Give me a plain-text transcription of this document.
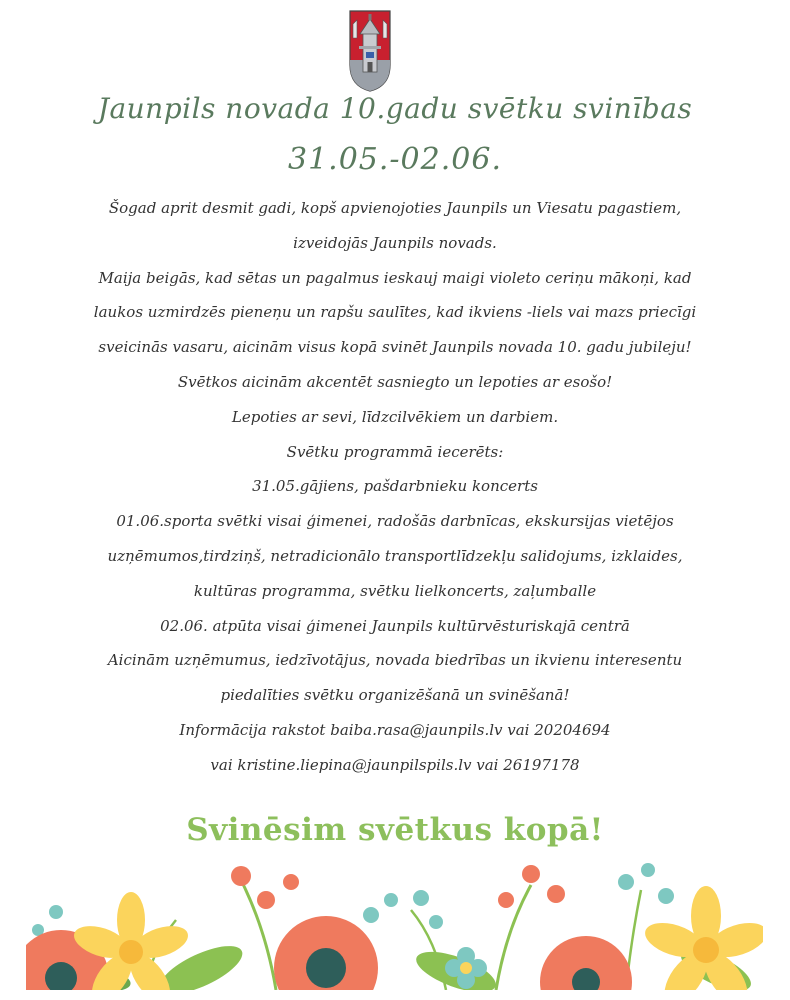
Jaunpils novada 10.gadu svētku svinības
31.05.-02.06.
Šogad aprit desmit gadi, kopš apvienojoties Jaunpils un Viesatu pagastiem,
izveidojās Jaunpils novads.
Maija beigās, kad sētas un pagalmus ieskauj maigi violeto ceriņu mākoņi, kad
laukos uzmirdzēs pieneņu un rapšu saulītes, kad ikviens -liels vai mazs priecīgi
sveicinās vasaru, aicinām visus kopā svinēt Jaunpils novada 10. gadu jubileju!
Svētkos aicinām akcentēt sasniegto un lepoties ar esošo!
Lepoties ar sevi, līdzcilvēkiem un darbiem.
Svētku programmā iecerēts:
31.05.gājiens, pašdarbnieku koncerts
01.06.sporta svētki visai ģimenei, radošās darbnīcas, ekskursijas vietējos
uzņēmumos,tirdziņš, netradicionālo transportlīdzekļu salidojums, izklaides,
kultūras programma, svētku lielkoncerts, zaļumballe
02.06. atpūta visai ģimenei Jaunpils kultūrvēsturiskajā centrā
Aicinām uzņēmumus, iedzīvotājus, novada biedrības un ikvienu interesentu
piedalīties svētku organizēšanā un svinēšanā!
Informācija rakstot baiba.rasa@jaunpils.lv vai 20204694
vai kristine.liepina@jaunpilspils.lv vai 26197178
Svinēsim svētkus kopā!
